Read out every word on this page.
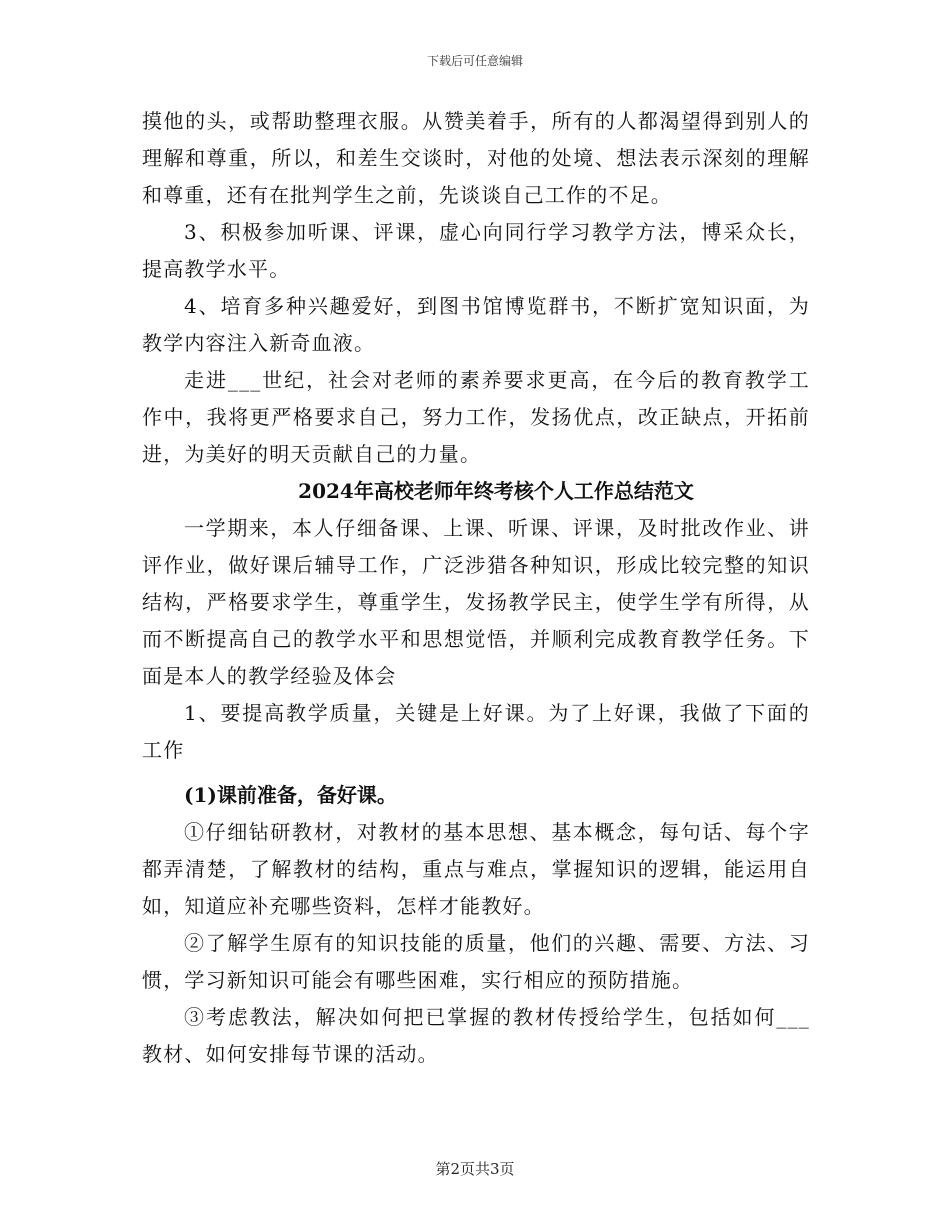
下载后可任意编辑

摸他的头，或帮助整理衣服。从赞美着手，所有的人都渴望得到别人的理解和尊重，所以，和差生交谈时，对他的处境、想法表示深刻的理解和尊重，还有在批判学生之前，先谈谈自己工作的不足。

3、积极参加听课、评课，虚心向同行学习教学方法，博采众长，提高教学水平。

4、培育多种兴趣爱好，到图书馆博览群书，不断扩宽知识面，为教学内容注入新奇血液。

走进___世纪，社会对老师的素养要求更高，在今后的教育教学工作中，我将更严格要求自己，努力工作，发扬优点，改正缺点，开拓前进，为美好的明天贡献自己的力量。

2024年高校老师年终考核个人工作总结范文

一学期来，本人仔细备课、上课、听课、评课，及时批改作业、讲评作业，做好课后辅导工作，广泛涉猎各种知识，形成比较完整的知识结构，严格要求学生，尊重学生，发扬教学民主，使学生学有所得，从而不断提高自己的教学水平和思想觉悟，并顺利完成教育教学任务。下面是本人的教学经验及体会

1、要提高教学质量，关键是上好课。为了上好课，我做了下面的工作

(1)课前准备，备好课。

①仔细钻研教材，对教材的基本思想、基本概念，每句话、每个字都弄清楚，了解教材的结构，重点与难点，掌握知识的逻辑，能运用自如，知道应补充哪些资料，怎样才能教好。

②了解学生原有的知识技能的质量，他们的兴趣、需要、方法、习惯，学习新知识可能会有哪些困难，实行相应的预防措施。

③考虑教法，解决如何把已掌握的教材传授给学生，包括如何___教材、如何安排每节课的活动。

第2页共3页
